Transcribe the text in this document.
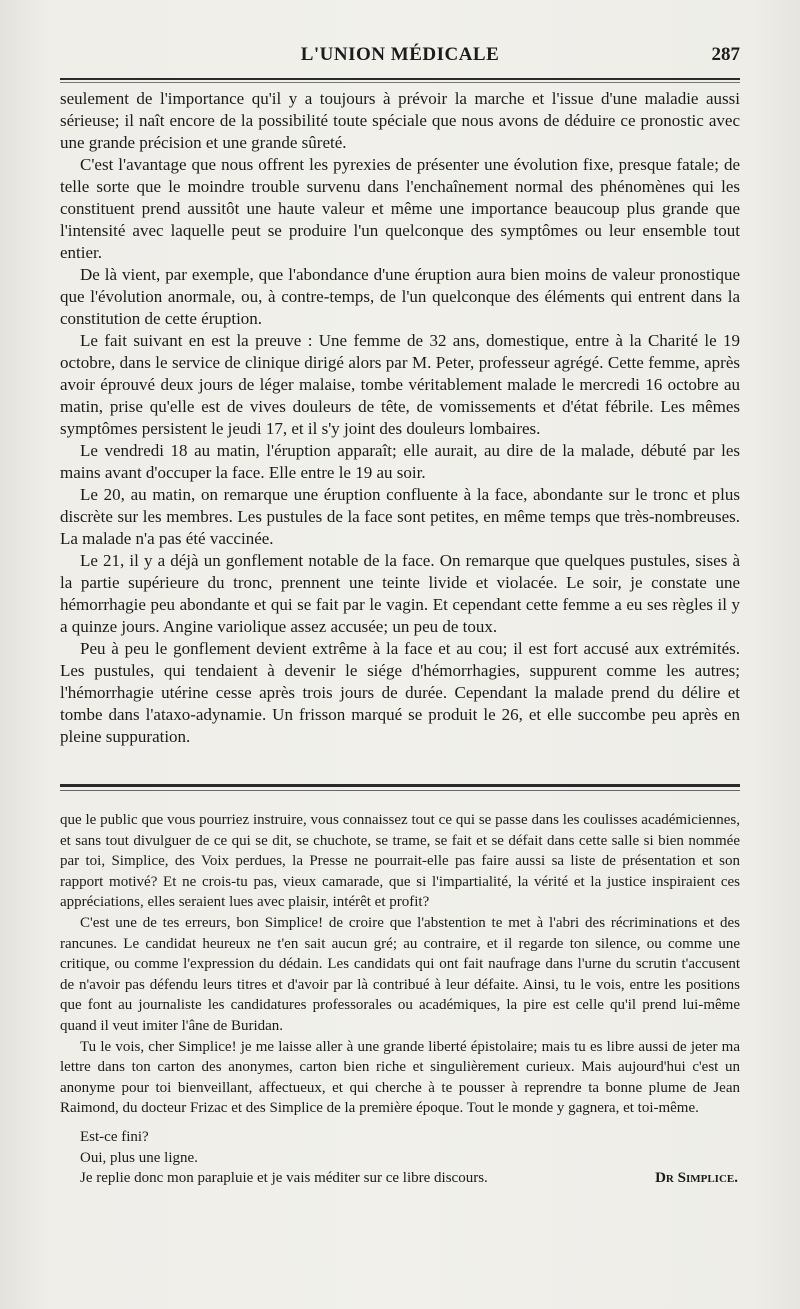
L'UNION MÉDICALE	287

seulement de l'importance qu'il y a toujours à prévoir la marche et l'issue d'une maladie aussi sérieuse; il naît encore de la possibilité toute spéciale que nous avons de déduire ce pronostic avec une grande précision et une grande sûreté.

C'est l'avantage que nous offrent les pyrexies de présenter une évolution fixe, presque fatale; de telle sorte que le moindre trouble survenu dans l'enchaînement normal des phénomènes qui les constituent prend aussitôt une haute valeur et même une importance beaucoup plus grande que l'intensité avec laquelle peut se produire l'un quelconque des symptômes ou leur ensemble tout entier.

De là vient, par exemple, que l'abondance d'une éruption aura bien moins de valeur pronostique que l'évolution anormale, ou, à contre-temps, de l'un quelconque des éléments qui entrent dans la constitution de cette éruption.

Le fait suivant en est la preuve : Une femme de 32 ans, domestique, entre à la Charité le 19 octobre, dans le service de clinique dirigé alors par M. Peter, professeur agrégé. Cette femme, après avoir éprouvé deux jours de léger malaise, tombe véritablement malade le mercredi 16 octobre au matin, prise qu'elle est de vives douleurs de tête, de vomissements et d'état fébrile. Les mêmes symptômes persistent le jeudi 17, et il s'y joint des douleurs lombaires.

Le vendredi 18 au matin, l'éruption apparaît; elle aurait, au dire de la malade, débuté par les mains avant d'occuper la face. Elle entre le 19 au soir.

Le 20, au matin, on remarque une éruption confluente à la face, abondante sur le tronc et plus discrète sur les membres. Les pustules de la face sont petites, en même temps que très-nombreuses. La malade n'a pas été vaccinée.

Le 21, il y a déjà un gonflement notable de la face. On remarque que quelques pustules, sises à la partie supérieure du tronc, prennent une teinte livide et violacée. Le soir, je constate une hémorrhagie peu abondante et qui se fait par le vagin. Et cependant cette femme a eu ses règles il y a quinze jours. Angine variolique assez accusée; un peu de toux.

Peu à peu le gonflement devient extrême à la face et au cou; il est fort accusé aux extrémités. Les pustules, qui tendaient à devenir le siége d'hémorrhagies, suppurent comme les autres; l'hémorrhagie utérine cesse après trois jours de durée. Cependant la malade prend du délire et tombe dans l'ataxo-adynamie. Un frisson marqué se produit le 26, et elle succombe peu après en pleine suppuration.

que le public que vous pourriez instruire, vous connaissez tout ce qui se passe dans les coulisses académiciennes, et sans tout divulguer de ce qui se dit, se chuchote, se trame, se fait et se défait dans cette salle si bien nommée par toi, Simplice, des Voix perdues, la Presse ne pourrait-elle pas faire aussi sa liste de présentation et son rapport motivé? Et ne crois-tu pas, vieux camarade, que si l'impartialité, la vérité et la justice inspiraient ces appréciations, elles seraient lues avec plaisir, intérêt et profit?

C'est une de tes erreurs, bon Simplice! de croire que l'abstention te met à l'abri des récriminations et des rancunes. Le candidat heureux ne t'en sait aucun gré; au contraire, et il regarde ton silence, ou comme une critique, ou comme l'expression du dédain. Les candidats qui ont fait naufrage dans l'urne du scrutin t'accusent de n'avoir pas défendu leurs titres et d'avoir par là contribué à leur défaite. Ainsi, tu le vois, entre les positions que font au journaliste les candidatures professorales ou académiques, la pire est celle qu'il prend lui-même quand il veut imiter l'âne de Buridan.

Tu le vois, cher Simplice! je me laisse aller à une grande liberté épistolaire; mais tu es libre aussi de jeter ma lettre dans ton carton des anonymes, carton bien riche et singulièrement curieux. Mais aujourd'hui c'est un anonyme pour toi bienveillant, affectueux, et qui cherche à te pousser à reprendre ta bonne plume de Jean Raimond, du docteur Frizac et des Simplice de la première époque. Tout le monde y gagnera, et toi-même.

Est-ce fini?

Oui, plus une ligne.

Je replie donc mon parapluie et je vais méditer sur ce libre discours.	Dr Simplice.
